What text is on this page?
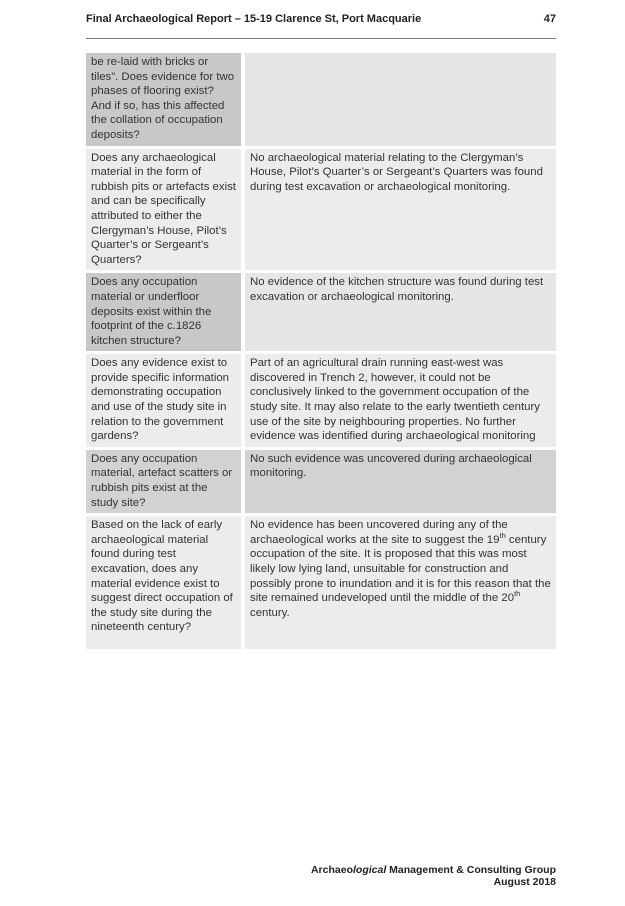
Final Archaeological Report – 15-19 Clarence St, Port Macquarie	47
be re-laid with bricks or tiles”. Does evidence for two phases of flooring exist? And if so, has this affected the collation of occupation deposits?	
Does any archaeological material in the form of rubbish pits or artefacts exist and can be specifically attributed to either the Clergyman’s House, Pilot’s Quarter’s or Sergeant’s Quarters?	No archaeological material relating to the Clergyman’s House, Pilot’s Quarter’s or Sergeant’s Quarters was found during test excavation or archaeological monitoring.
Does any occupation material or underfloor deposits exist within the footprint of the c.1826 kitchen structure?	No evidence of the kitchen structure was found during test excavation or archaeological monitoring.
Does any evidence exist to provide specific information demonstrating occupation and use of the study site in relation to the government gardens?	Part of an agricultural drain running east-west was discovered in Trench 2, however, it could not be conclusively linked to the government occupation of the study site. It may also relate to the early twentieth century use of the site by neighbouring properties. No further evidence was identified during archaeological monitoring
Does any occupation material, artefact scatters or rubbish pits exist at the study site?	No such evidence was uncovered during archaeological monitoring.
Based on the lack of early archaeological material found during test excavation, does any material evidence exist to suggest direct occupation of the study site during the nineteenth century?	No evidence has been uncovered during any of the archaeological works at the site to suggest the 19th century occupation of the site. It is proposed that this was most likely low lying land, unsuitable for construction and possibly prone to inundation and it is for this reason that the site remained undeveloped until the middle of the 20th century.
Archaeological Management & Consulting Group
August 2018
